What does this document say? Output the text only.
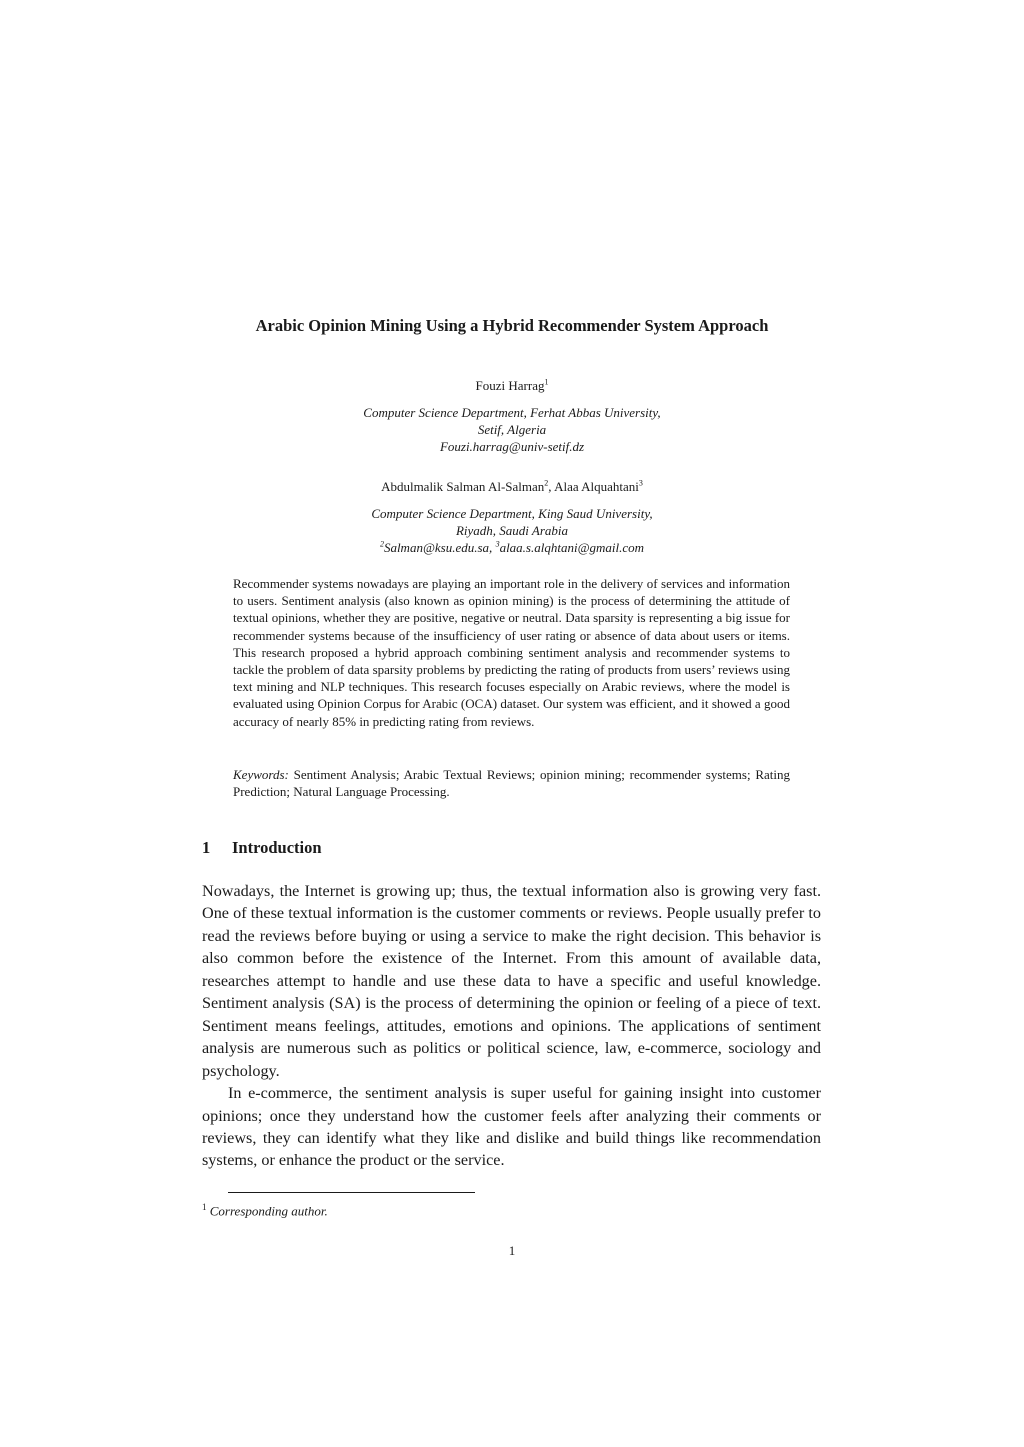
Arabic Opinion Mining Using a Hybrid Recommender System Approach

Fouzi Harrag$^1$

Computer Science Department, Ferhat Abbas University,

Setif, Algeria

Fouzi.harrag@univ-setif.dz

Abdulmalik Salman Al-Salman$^2$, Alaa Alquahtani$^3$

Computer Science Department, King Saud University,

Riyadh, Saudi Arabia

$^2$Salman@ksu.edu.sa, $^3$alaa.s.alqhtani@gmail.com

Recommender systems nowadays are playing an important role in the delivery of services and information to users. Sentiment analysis (also known as opinion mining) is the process of determining the attitude of textual opinions, whether they are positive, negative or neutral. Data sparsity is representing a big issue for recommender systems because of the insufficiency of user rating or absence of data about users or items. This research proposed a hybrid approach combining sentiment analysis and recommender systems to tackle the problem of data sparsity problems by predicting the rating of products from users’ reviews using text mining and NLP techniques. This research focuses especially on Arabic reviews, where the model is evaluated using Opinion Corpus for Arabic (OCA) dataset. Our system was efficient, and it showed a good accuracy of nearly 85% in predicting rating from reviews.

Keywords: Sentiment Analysis; Arabic Textual Reviews; opinion mining; recommender systems; Rating Prediction; Natural Language Processing.

1 Introduction

Nowadays, the Internet is growing up; thus, the textual information also is growing very fast. One of these textual information is the customer comments or reviews. People usually prefer to read the reviews before buying or using a service to make the right decision. This behavior is also common before the existence of the Internet. From this amount of available data, researches attempt to handle and use these data to have a specific and useful knowledge. Sentiment analysis (SA) is the process of determining the opinion or feeling of a piece of text. Sentiment means feelings, attitudes, emotions and opinions. The applications of sentiment analysis are numerous such as politics or political science, law, e-commerce, sociology and psychology.

In e-commerce, the sentiment analysis is super useful for gaining insight into customer opinions; once they understand how the customer feels after analyzing their comments or reviews, they can identify what they like and dislike and build things like recommendation systems, or enhance the product or the service.

$^1$ Corresponding author.

1
